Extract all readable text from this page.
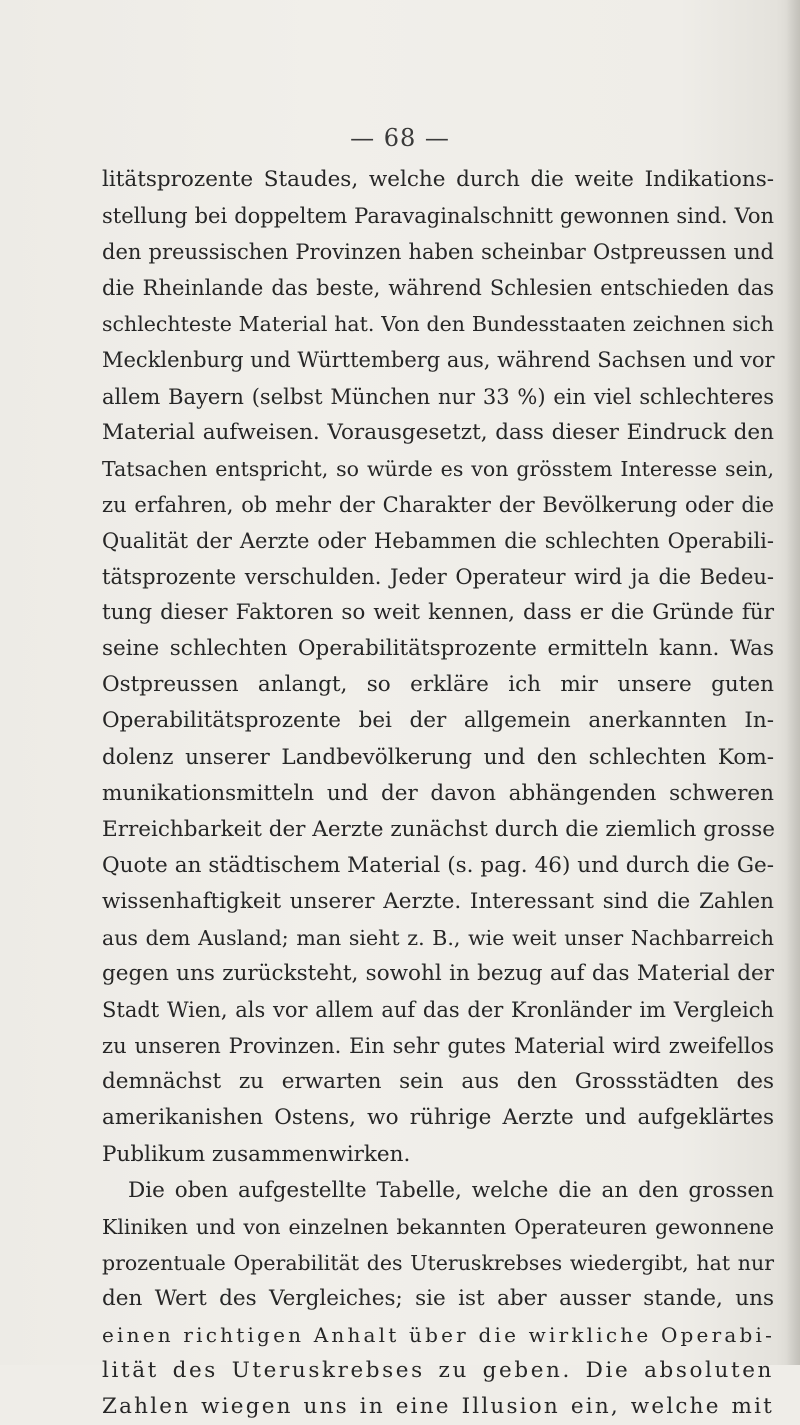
— 68 —
litätsprozente Staudes, welche durch die weite Indikations-
stellung bei doppeltem Paravaginalschnitt gewonnen sind. Von
den preussischen Provinzen haben scheinbar Ostpreussen und
die Rheinlande das beste, während Schlesien entschieden das
schlechteste Material hat. Von den Bundesstaaten zeichnen sich
Mecklenburg und Württemberg aus, während Sachsen und vor
allem Bayern (selbst München nur 33 %) ein viel schlechteres
Material aufweisen. Vorausgesetzt, dass dieser Eindruck den
Tatsachen entspricht, so würde es von grösstem Interesse sein,
zu erfahren, ob mehr der Charakter der Bevölkerung oder die
Qualität der Aerzte oder Hebammen die schlechten Operabili-
tätsprozente verschulden. Jeder Operateur wird ja die Bedeu-
tung dieser Faktoren so weit kennen, dass er die Gründe für
seine schlechten Operabilitätsprozente ermitteln kann. Was
Ostpreussen anlangt, so erkläre ich mir unsere guten
Operabilitätsprozente bei der allgemein anerkannten In-
dolenz unserer Landbevölkerung und den schlechten Kom-
munikationsmitteln und der davon abhängenden schweren
Erreichbarkeit der Aerzte zunächst durch die ziemlich grosse
Quote an städtischem Material (s. pag. 46) und durch die Ge-
wissenhaftigkeit unserer Aerzte. Interessant sind die Zahlen
aus dem Ausland; man sieht z. B., wie weit unser Nachbarreich
gegen uns zurücksteht, sowohl in bezug auf das Material der
Stadt Wien, als vor allem auf das der Kronländer im Vergleich
zu unseren Provinzen. Ein sehr gutes Material wird zweifellos
demnächst zu erwarten sein aus den Grossstädten des
amerikanishen Ostens, wo rührige Aerzte und aufgeklärtes
Publikum zusammenwirken.
Die oben aufgestellte Tabelle, welche die an den grossen
Kliniken und von einzelnen bekannten Operateuren gewonnene
prozentuale Operabilität des Uteruskrebses wiedergibt, hat nur
den Wert des Vergleiches; sie ist aber ausser stande, uns
einen richtigen Anhalt über die wirkliche Operabi-
lität des Uteruskrebses zu geben. Die absoluten
Zahlen wiegen uns in eine Illusion ein, welche mit
